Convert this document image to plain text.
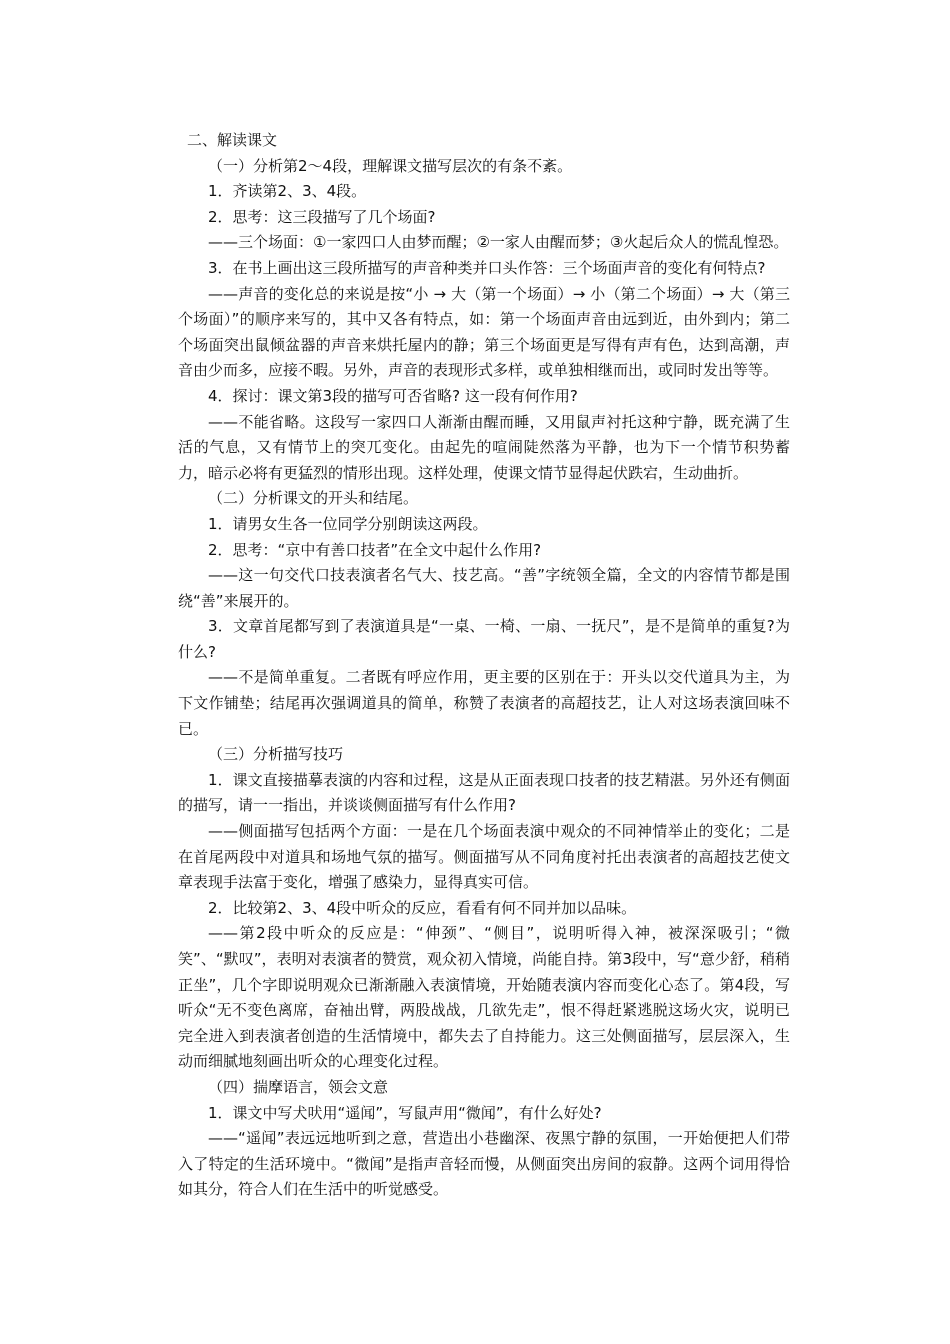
二、解读课文

（一）分析第2～4段，理解课文描写层次的有条不紊。

1．齐读第2、3、4段。

2．思考：这三段描写了几个场面?

——三个场面：①一家四口人由梦而醒；②一家人由醒而梦；③火起后众人的慌乱惶恐。

3．在书上画出这三段所描写的声音种类并口头作答：三个场面声音的变化有何特点?

——声音的变化总的来说是按“小 → 大（第一个场面）→ 小（第二个场面）→ 大（第三个场面）”的顺序来写的，其中又各有特点，如：第一个场面声音由远到近，由外到内；第二个场面突出鼠倾盆器的声音来烘托屋内的静；第三个场面更是写得有声有色，达到高潮，声音由少而多，应接不暇。另外，声音的表现形式多样，或单独相继而出，或同时发出等等。

4．探讨：课文第3段的描写可否省略? 这一段有何作用?

——不能省略。这段写一家四口人渐渐由醒而睡，又用鼠声衬托这种宁静，既充满了生活的气息，又有情节上的突兀变化。由起先的喧闹陡然落为平静，也为下一个情节积势蓄力，暗示必将有更猛烈的情形出现。这样处理，使课文情节显得起伏跌宕，生动曲折。

（二）分析课文的开头和结尾。

1．请男女生各一位同学分别朗读这两段。

2．思考：“京中有善口技者”在全文中起什么作用?

——这一句交代口技表演者名气大、技艺高。“善”字统领全篇，全文的内容情节都是围绕“善”来展开的。

3．文章首尾都写到了表演道具是“一桌、一椅、一扇、一抚尺”，是不是简单的重复?为什么?

——不是简单重复。二者既有呼应作用，更主要的区别在于：开头以交代道具为主，为下文作铺垫；结尾再次强调道具的简单，称赞了表演者的高超技艺，让人对这场表演回味不已。

（三）分析描写技巧

1．课文直接描摹表演的内容和过程，这是从正面表现口技者的技艺精湛。另外还有侧面的描写，请一一指出，并谈谈侧面描写有什么作用?

——侧面描写包括两个方面：一是在几个场面表演中观众的不同神情举止的变化；二是在首尾两段中对道具和场地气氛的描写。侧面描写从不同角度衬托出表演者的高超技艺使文章表现手法富于变化，增强了感染力，显得真实可信。

2．比较第2、3、4段中听众的反应，看看有何不同并加以品味。

——第2段中听众的反应是：“伸颈”、“侧目”，说明听得入神，被深深吸引；“微笑”、“默叹”，表明对表演者的赞赏，观众初入情境，尚能自持。第3段中，写“意少舒，稍稍正坐”，几个字即说明观众已渐渐融入表演情境，开始随表演内容而变化心态了。第4段，写听众“无不变色离席，奋袖出臂，两股战战，几欲先走”，恨不得赶紧逃脱这场火灾，说明已完全进入到表演者创造的生活情境中，都失去了自持能力。这三处侧面描写，层层深入，生动而细腻地刻画出听众的心理变化过程。

（四）揣摩语言，领会文意

1．课文中写犬吠用“遥闻”，写鼠声用“微闻”，有什么好处?

——“遥闻”表远远地听到之意，营造出小巷幽深、夜黑宁静的氛围，一开始便把人们带入了特定的生活环境中。“微闻”是指声音轻而慢，从侧面突出房间的寂静。这两个词用得恰如其分，符合人们在生活中的听觉感受。
